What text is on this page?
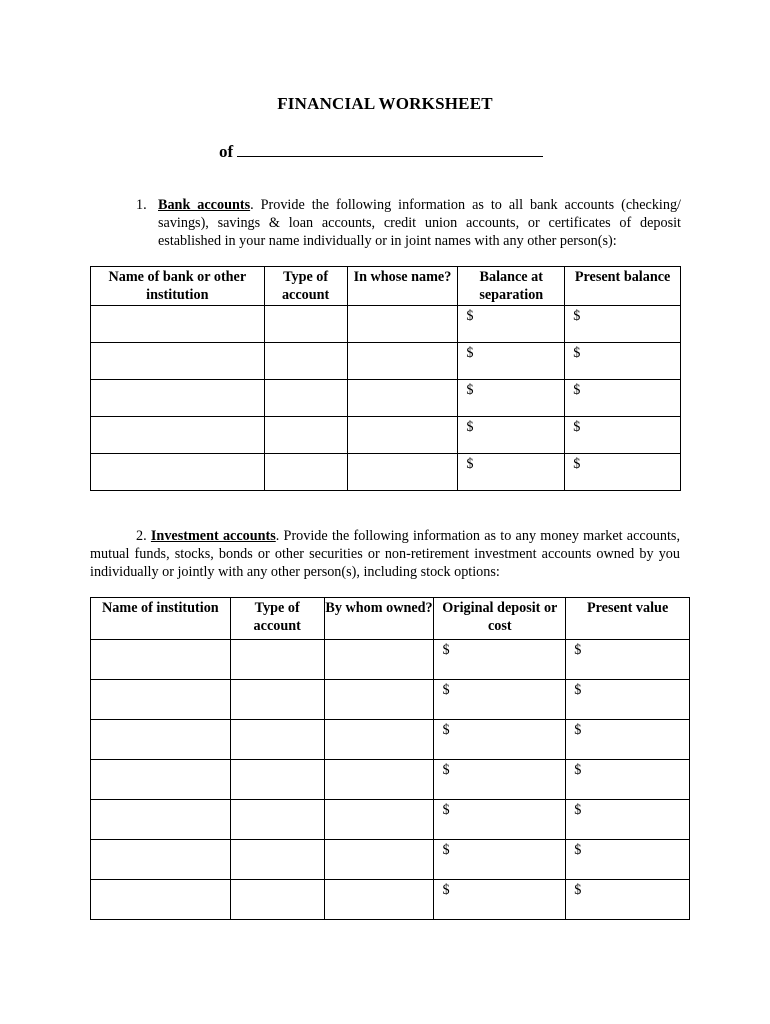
FINANCIAL WORKSHEET
of
1. Bank accounts. Provide the following information as to all bank accounts (checking/ savings), savings & loan accounts, credit union accounts, or certificates of deposit established in your name individually or in joint names with any other person(s):
Name of bank or other institution	Type of account	In whose name?	Balance at separation	Present balance
			$	$
			$	$
			$	$
			$	$
			$	$
2. Investment accounts. Provide the following information as to any money market accounts, mutual funds, stocks, bonds or other securities or non-retirement investment accounts owned by you individually or jointly with any other person(s), including stock options:
Name of institution	Type of account	By whom owned?	Original deposit or cost	Present value
			$	$
			$	$
			$	$
			$	$
			$	$
			$	$
			$	$
